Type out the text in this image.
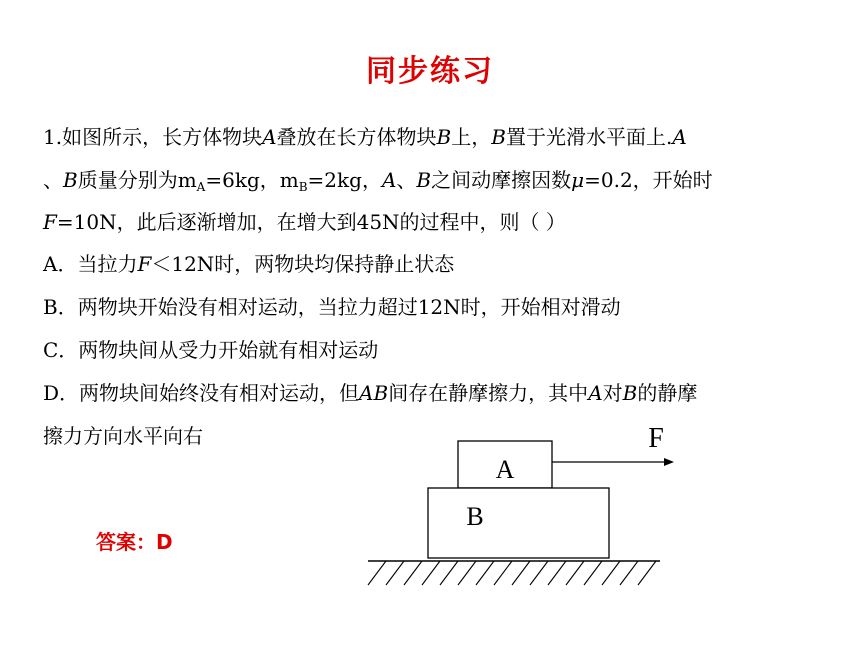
同步练习
1.如图所示，长方体物块A叠放在长方体物块B上，B置于光滑水平面上.A
、B质量分别为$m_A=6kg$，$m_B=2kg$，A、B之间动摩擦因数μ=0.2，开始时
F=10N，此后逐渐增加，在增大到45N的过程中，则（ ）
A．当拉力F＜12N时，两物块均保持静止状态
B．两物块开始没有相对运动，当拉力超过12N时，开始相对滑动
C．两物块间从受力开始就有相对运动
D．两物块间始终没有相对运动，但AB间存在静摩擦力，其中A对B的静摩
擦力方向水平向右
答案：D
A
B
F
